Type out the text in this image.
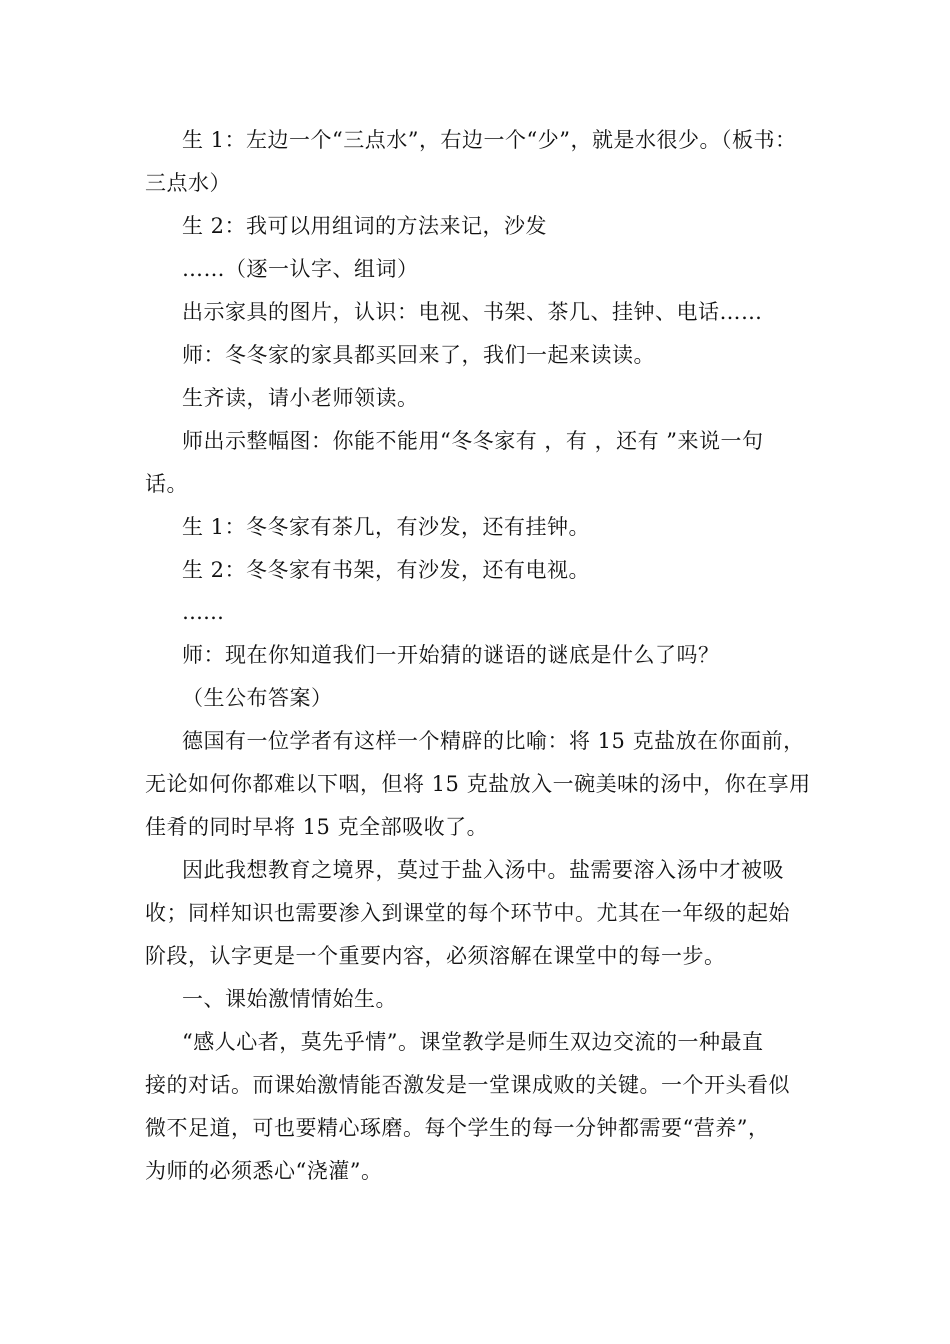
生 1：左边一个“三点水”，右边一个“少”，就是水很少。（板书：
三点水）
生 2：我可以用组词的方法来记，沙发
……（逐一认字、组词）
出示家具的图片，认识：电视、书架、茶几、挂钟、电话……
师：冬冬家的家具都买回来了，我们一起来读读。
生齐读，请小老师领读。
师出示整幅图：你能不能用“冬冬家有 ，有 ，还有 ”来说一句
话。
生 1：冬冬家有茶几，有沙发，还有挂钟。
生 2：冬冬家有书架，有沙发，还有电视。
……
师：现在你知道我们一开始猜的谜语的谜底是什么了吗？
（生公布答案）
德国有一位学者有这样一个精辟的比喻：将 15 克盐放在你面前，
无论如何你都难以下咽，但将 15 克盐放入一碗美味的汤中，你在享用
佳肴的同时早将 15 克全部吸收了。
因此我想教育之境界，莫过于盐入汤中。盐需要溶入汤中才被吸
收；同样知识也需要渗入到课堂的每个环节中。尤其在一年级的起始
阶段，认字更是一个重要内容，必须溶解在课堂中的每一步。
一、课始激情情始生。
“感人心者，莫先乎情”。课堂教学是师生双边交流的一种最直
接的对话。而课始激情能否激发是一堂课成败的关键。一个开头看似
微不足道，可也要精心琢磨。每个学生的每一分钟都需要“营养”，
为师的必须悉心“浇灌”。
